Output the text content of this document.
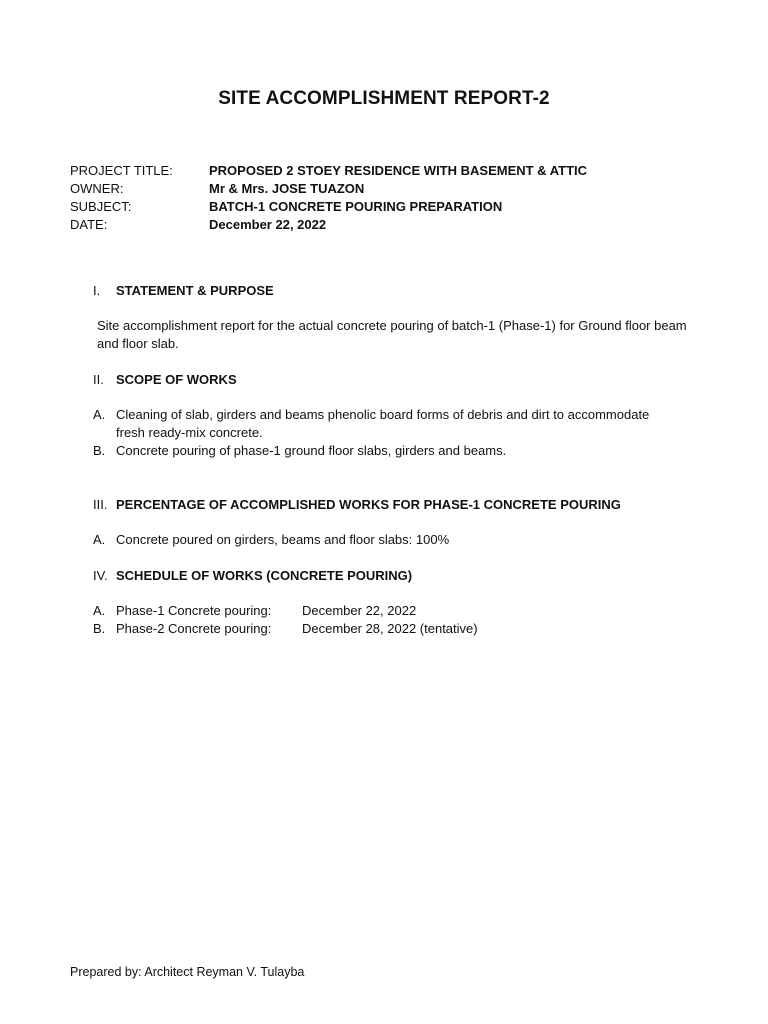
SITE ACCOMPLISHMENT REPORT-2
PROJECT TITLE:	PROPOSED 2 STOEY RESIDENCE WITH BASEMENT & ATTIC
OWNER:	Mr & Mrs. JOSE TUAZON
SUBJECT:	BATCH-1 CONCRETE POURING PREPARATION
DATE:	December 22, 2022
I.	STATEMENT & PURPOSE
Site accomplishment report for the actual concrete pouring of batch-1 (Phase-1) for Ground floor beam and floor slab.
II. SCOPE OF WORKS
A. Cleaning of slab, girders and beams phenolic board forms of debris and dirt to accommodate fresh ready-mix concrete.
B. Concrete pouring of phase-1 ground floor slabs, girders and beams.
III. PERCENTAGE OF ACCOMPLISHED WORKS FOR PHASE-1 CONCRETE POURING
A. Concrete poured on girders, beams and floor slabs: 100%
IV. SCHEDULE OF WORKS (CONCRETE POURING)
A. Phase-1 Concrete pouring: December 22, 2022
B. Phase-2 Concrete pouring: December 28, 2022 (tentative)
Prepared by: Architect Reyman V. Tulayba
